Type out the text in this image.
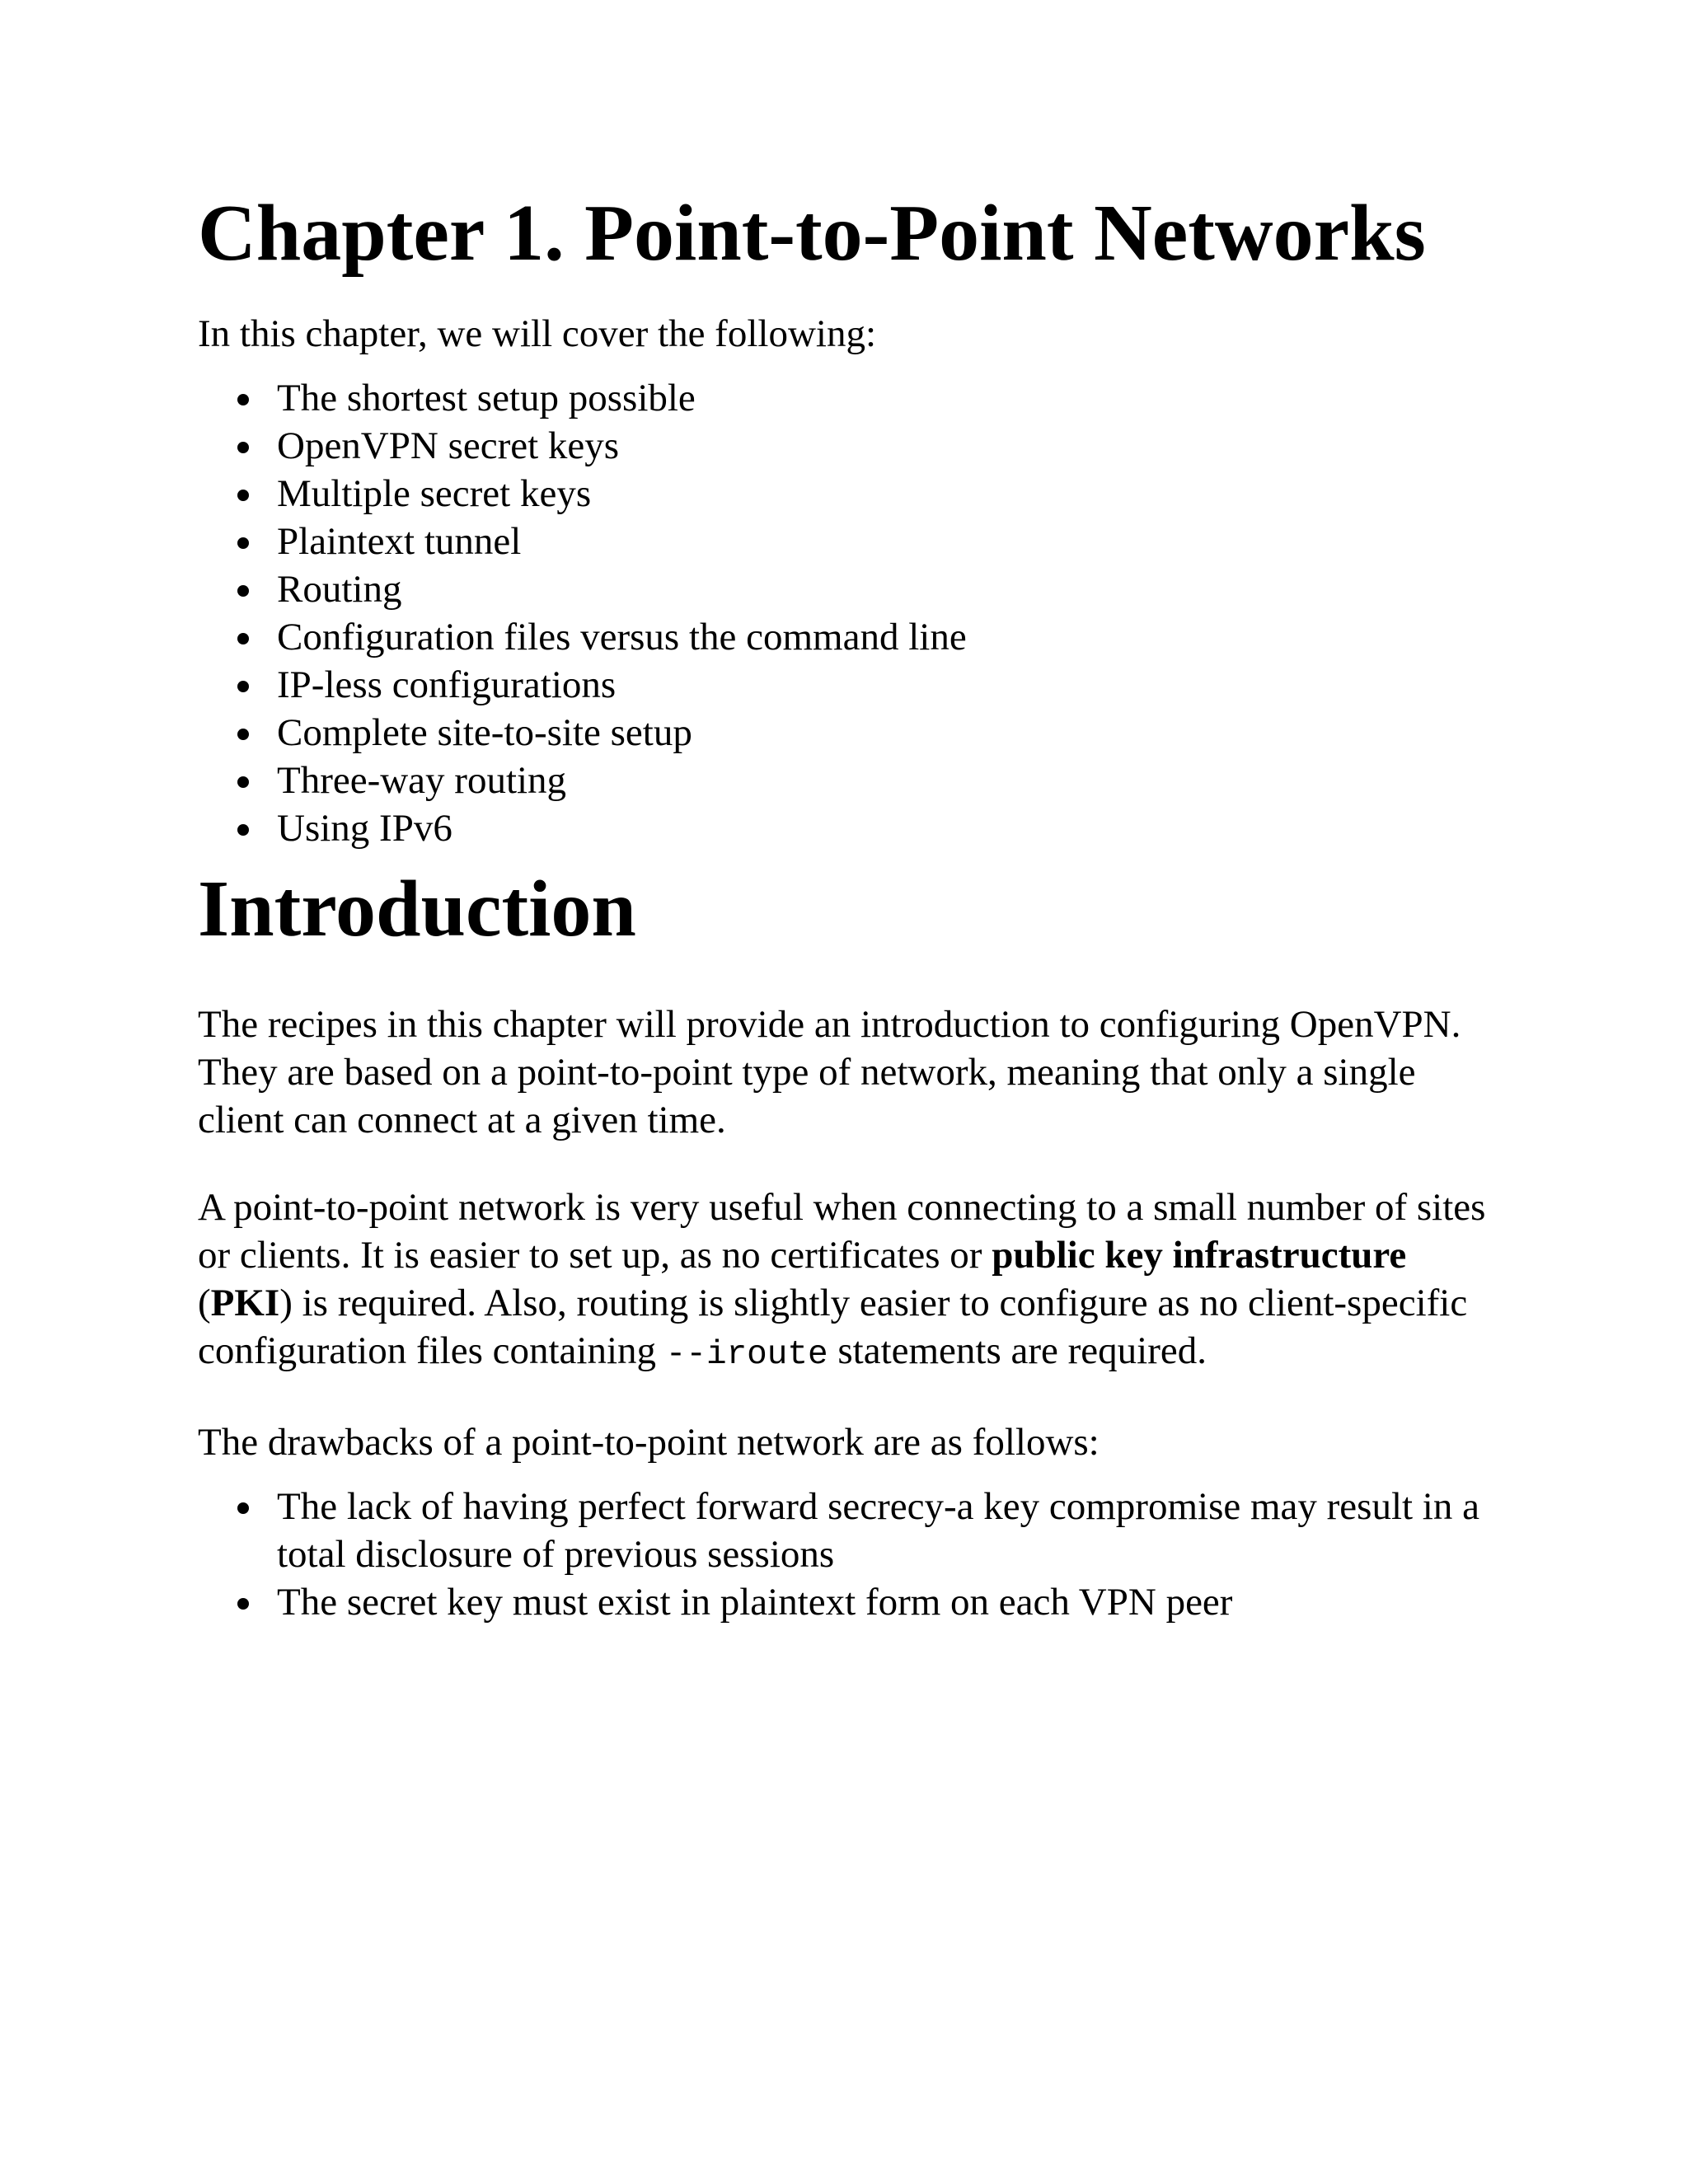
Chapter 1. Point-to-Point Networks

In this chapter, we will cover the following:

The shortest setup possible
OpenVPN secret keys
Multiple secret keys
Plaintext tunnel
Routing
Configuration files versus the command line
IP-less configurations
Complete site-to-site setup
Three-way routing
Using IPv6
Introduction

The recipes in this chapter will provide an introduction to configuring OpenVPN. They are based on a point-to-point type of network, meaning that only a single client can connect at a given time.

A point-to-point network is very useful when connecting to a small number of sites or clients. It is easier to set up, as no certificates or public key infrastructure (PKI) is required. Also, routing is slightly easier to configure as no client-specific configuration files containing --iroute statements are required.

The drawbacks of a point-to-point network are as follows:

The lack of having perfect forward secrecy-a key compromise may result in a total disclosure of previous sessions
The secret key must exist in plaintext form on each VPN peer
